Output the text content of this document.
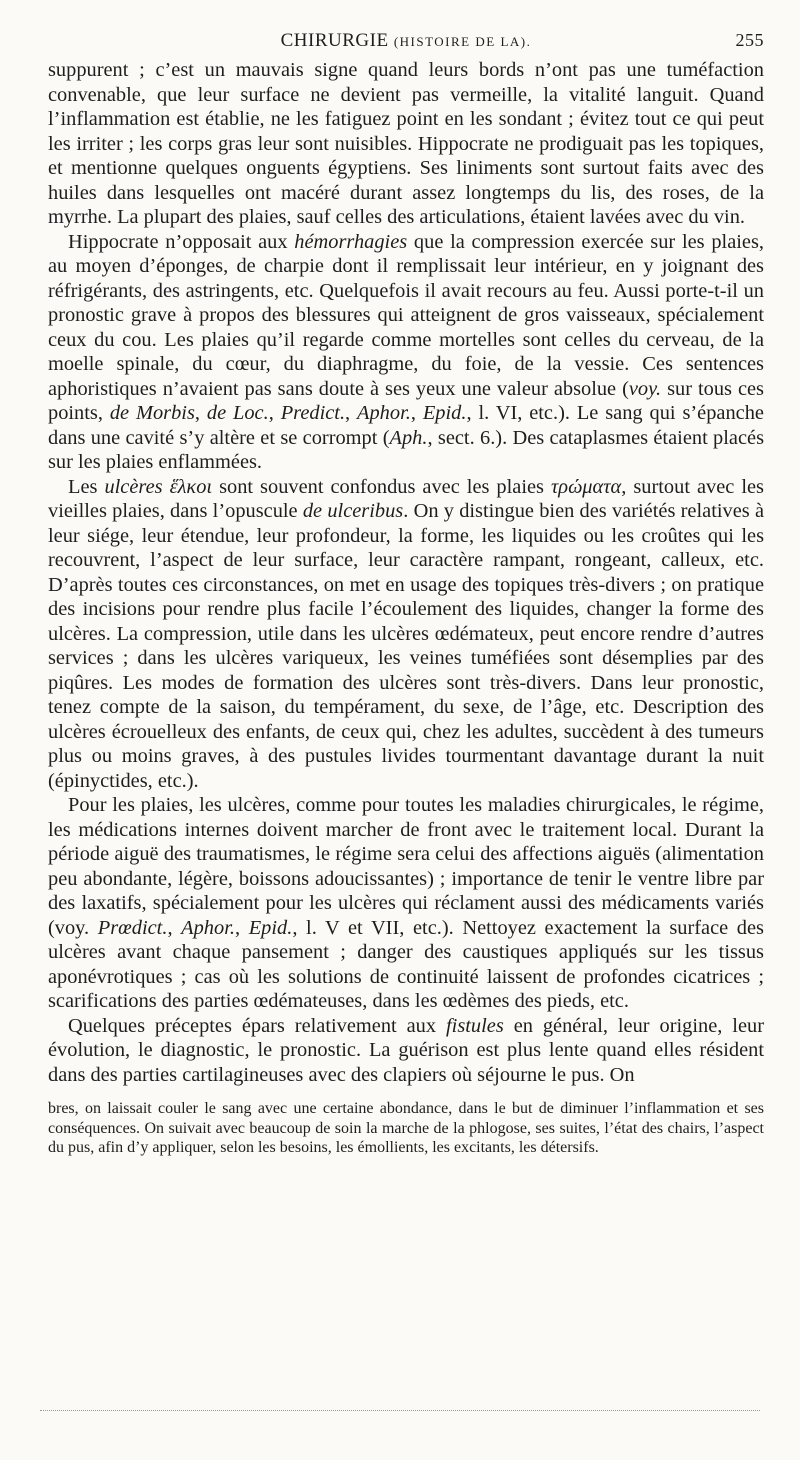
CHIRURGIE (HISTOIRE DE LA).	255

suppurent ; c’est un mauvais signe quand leurs bords n’ont pas une tuméfaction convenable, que leur surface ne devient pas vermeille, la vitalité languit. Quand l’inflammation est établie, ne les fatiguez point en les sondant ; évitez tout ce qui peut les irriter ; les corps gras leur sont nuisibles. Hippocrate ne prodiguait pas les topiques, et mentionne quelques onguents égyptiens. Ses liniments sont surtout faits avec des huiles dans lesquelles ont macéré durant assez longtemps du lis, des roses, de la myrrhe. La plupart des plaies, sauf celles des articulations, étaient lavées avec du vin.

Hippocrate n’opposait aux hémorrhagies que la compression exercée sur les plaies, au moyen d’éponges, de charpie dont il remplissait leur intérieur, en y joignant des réfrigérants, des astringents, etc. Quelquefois il avait recours au feu. Aussi porte-t-il un pronostic grave à propos des blessures qui atteignent de gros vaisseaux, spécialement ceux du cou. Les plaies qu’il regarde comme mortelles sont celles du cerveau, de la moelle spinale, du cœur, du diaphragme, du foie, de la vessie. Ces sentences aphoristiques n’avaient pas sans doute à ses yeux une valeur absolue (voy. sur tous ces points, de Morbis, de Loc., Predict., Aphor., Epid., l. VI, etc.). Le sang qui s’épanche dans une cavité s’y altère et se corrompt (Aph., sect. 6.). Des cataplasmes étaient placés sur les plaies enflammées.

Les ulcères ἕλκοι sont souvent confondus avec les plaies τρώματα, surtout avec les vieilles plaies, dans l’opuscule de ulceribus. On y distingue bien des variétés relatives à leur siége, leur étendue, leur profondeur, la forme, les liquides ou les croûtes qui les recouvrent, l’aspect de leur surface, leur caractère rampant, rongeant, calleux, etc. D’après toutes ces circonstances, on met en usage des topiques très-divers ; on pratique des incisions pour rendre plus facile l’écoulement des liquides, changer la forme des ulcères. La compression, utile dans les ulcères œdémateux, peut encore rendre d’autres services ; dans les ulcères variqueux, les veines tuméfiées sont désemplies par des piqûres. Les modes de formation des ulcères sont très-divers. Dans leur pronostic, tenez compte de la saison, du tempérament, du sexe, de l’âge, etc. Description des ulcères écrouelleux des enfants, de ceux qui, chez les adultes, succèdent à des tumeurs plus ou moins graves, à des pustules livides tourmentant davantage durant la nuit (épinyctides, etc.).

Pour les plaies, les ulcères, comme pour toutes les maladies chirurgicales, le régime, les médications internes doivent marcher de front avec le traitement local. Durant la période aiguë des traumatismes, le régime sera celui des affections aiguës (alimentation peu abondante, légère, boissons adoucissantes) ; importance de tenir le ventre libre par des laxatifs, spécialement pour les ulcères qui réclament aussi des médicaments variés (voy. Prœdict., Aphor., Epid., l. V et VII, etc.). Nettoyez exactement la surface des ulcères avant chaque pansement ; danger des caustiques appliqués sur les tissus aponévrotiques ; cas où les solutions de continuité laissent de profondes cicatrices ; scarifications des parties œdémateuses, dans les œdèmes des pieds, etc.

Quelques préceptes épars relativement aux fistules en général, leur origine, leur évolution, le diagnostic, le pronostic. La guérison est plus lente quand elles résident dans des parties cartilagineuses avec des clapiers où séjourne le pus. On

bres, on laissait couler le sang avec une certaine abondance, dans le but de diminuer l’inflammation et ses conséquences. On suivait avec beaucoup de soin la marche de la phlogose, ses suites, l’état des chairs, l’aspect du pus, afin d’y appliquer, selon les besoins, les émollients, les excitants, les détersifs.
